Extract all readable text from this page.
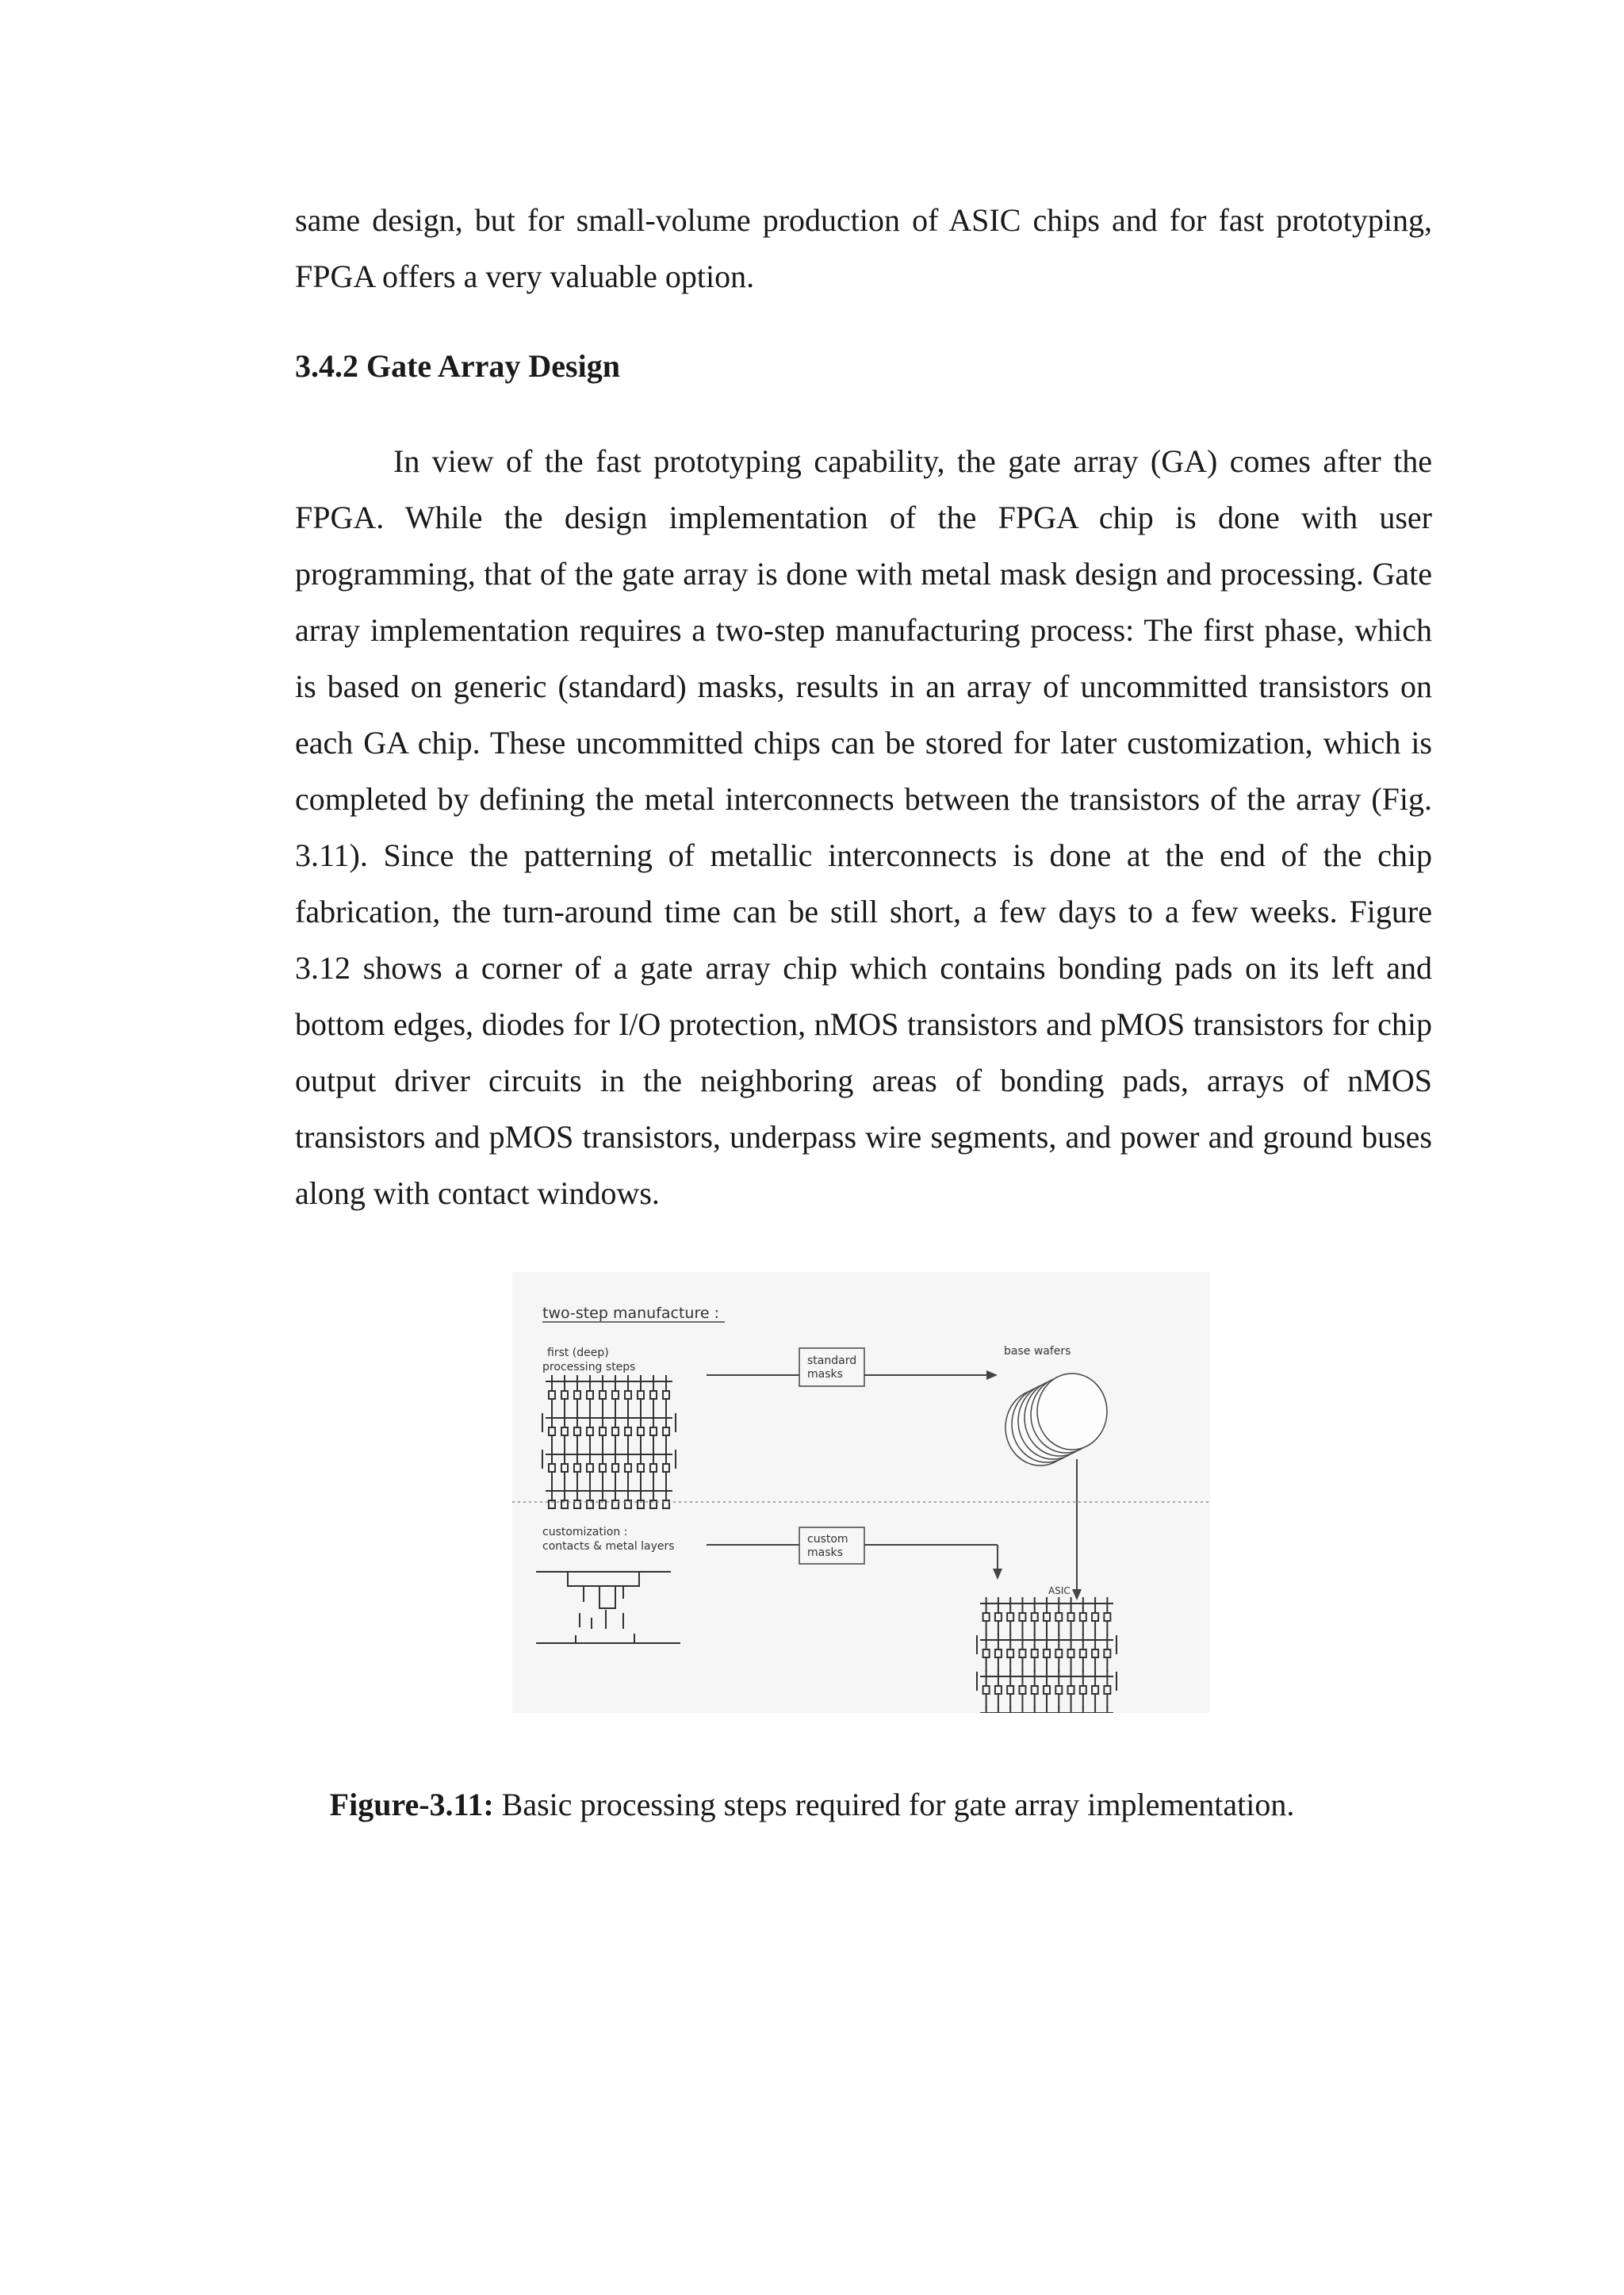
same design, but for small-volume production of ASIC chips and for fast prototyping,
FPGA offers a very valuable option.
3.4.2 Gate Array Design

In view of the fast prototyping capability, the gate array (GA) comes after the FPGA. While the design implementation of the FPGA chip is done with user programming, that of the gate array is done with metal mask design and processing. Gate array implementation requires a two-step manufacturing process: The first phase, which is based on generic (standard) masks, results in an array of uncommitted transistors on each GA chip. These uncommitted chips can be stored for later customization, which is completed by defining the metal interconnects between the transistors of the array (Fig. 3.11). Since the patterning of metallic interconnects is done at the end of the chip fabrication, the turn-around time can be still short, a few days to a few weeks. Figure 3.12 shows a corner of a gate array chip which contains bonding pads on its left and bottom edges, diodes for I/O protection, nMOS transistors and pMOS transistors for chip output driver circuits in the neighboring areas of bonding pads, arrays of nMOS transistors and pMOS transistors, underpass wire segments, and power and ground buses along with contact windows.

two-step manufacture :
first (deep)
processing steps	standard
masks
base wafers
customization :
contacts & metal layers
custom
masks
ASIC
Figure-3.11: Basic processing steps required for gate array implementation.
